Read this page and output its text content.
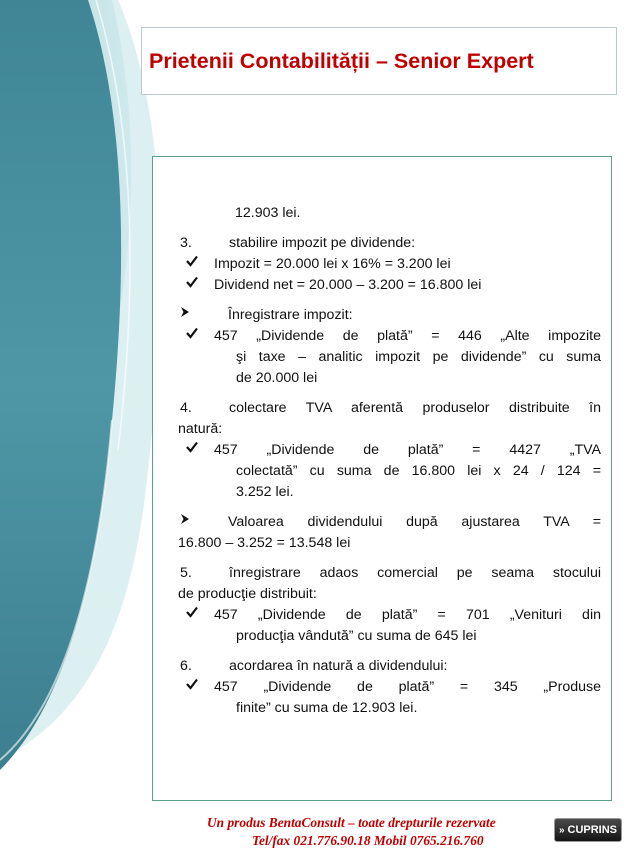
Prietenii Contabilității – Senior Expert

12.903 lei.

3.	stabilire impozit pe dividende:

Impozit = 20.000 lei x 16% = 3.200 lei
Dividend net = 20.000 – 3.200 = 16.800 lei
Înregistrare impozit:
457 „Dividende de plată” = 446 „Alte impozite

şi taxe – analitic impozit pe dividende” cu suma

de 20.000 lei

4.	colectare TVA aferentă produselor distribuite în

natură:

457 „Dividende de plată” = 4427 „TVA

colectată” cu suma de 16.800 lei x 24 / 124 =

3.252 lei.

Valoarea dividendului după ajustarea TVA =

16.800 – 3.252 = 13.548 lei

5.	înregistrare adaos comercial pe seama stocului

de producţie distribuit:

457 „Dividende de plată” = 701 „Venituri din

producţia vândută” cu suma de 645 lei

6.	acordarea în natură a dividendului:

457 „Dividende de plată” = 345 „Produse

finite” cu suma de 12.903 lei.

Un produs BentaConsult – toate drepturile rezervate
Tel/fax 021.776.90.18 Mobil 0765.216.760
» CUPRINS
